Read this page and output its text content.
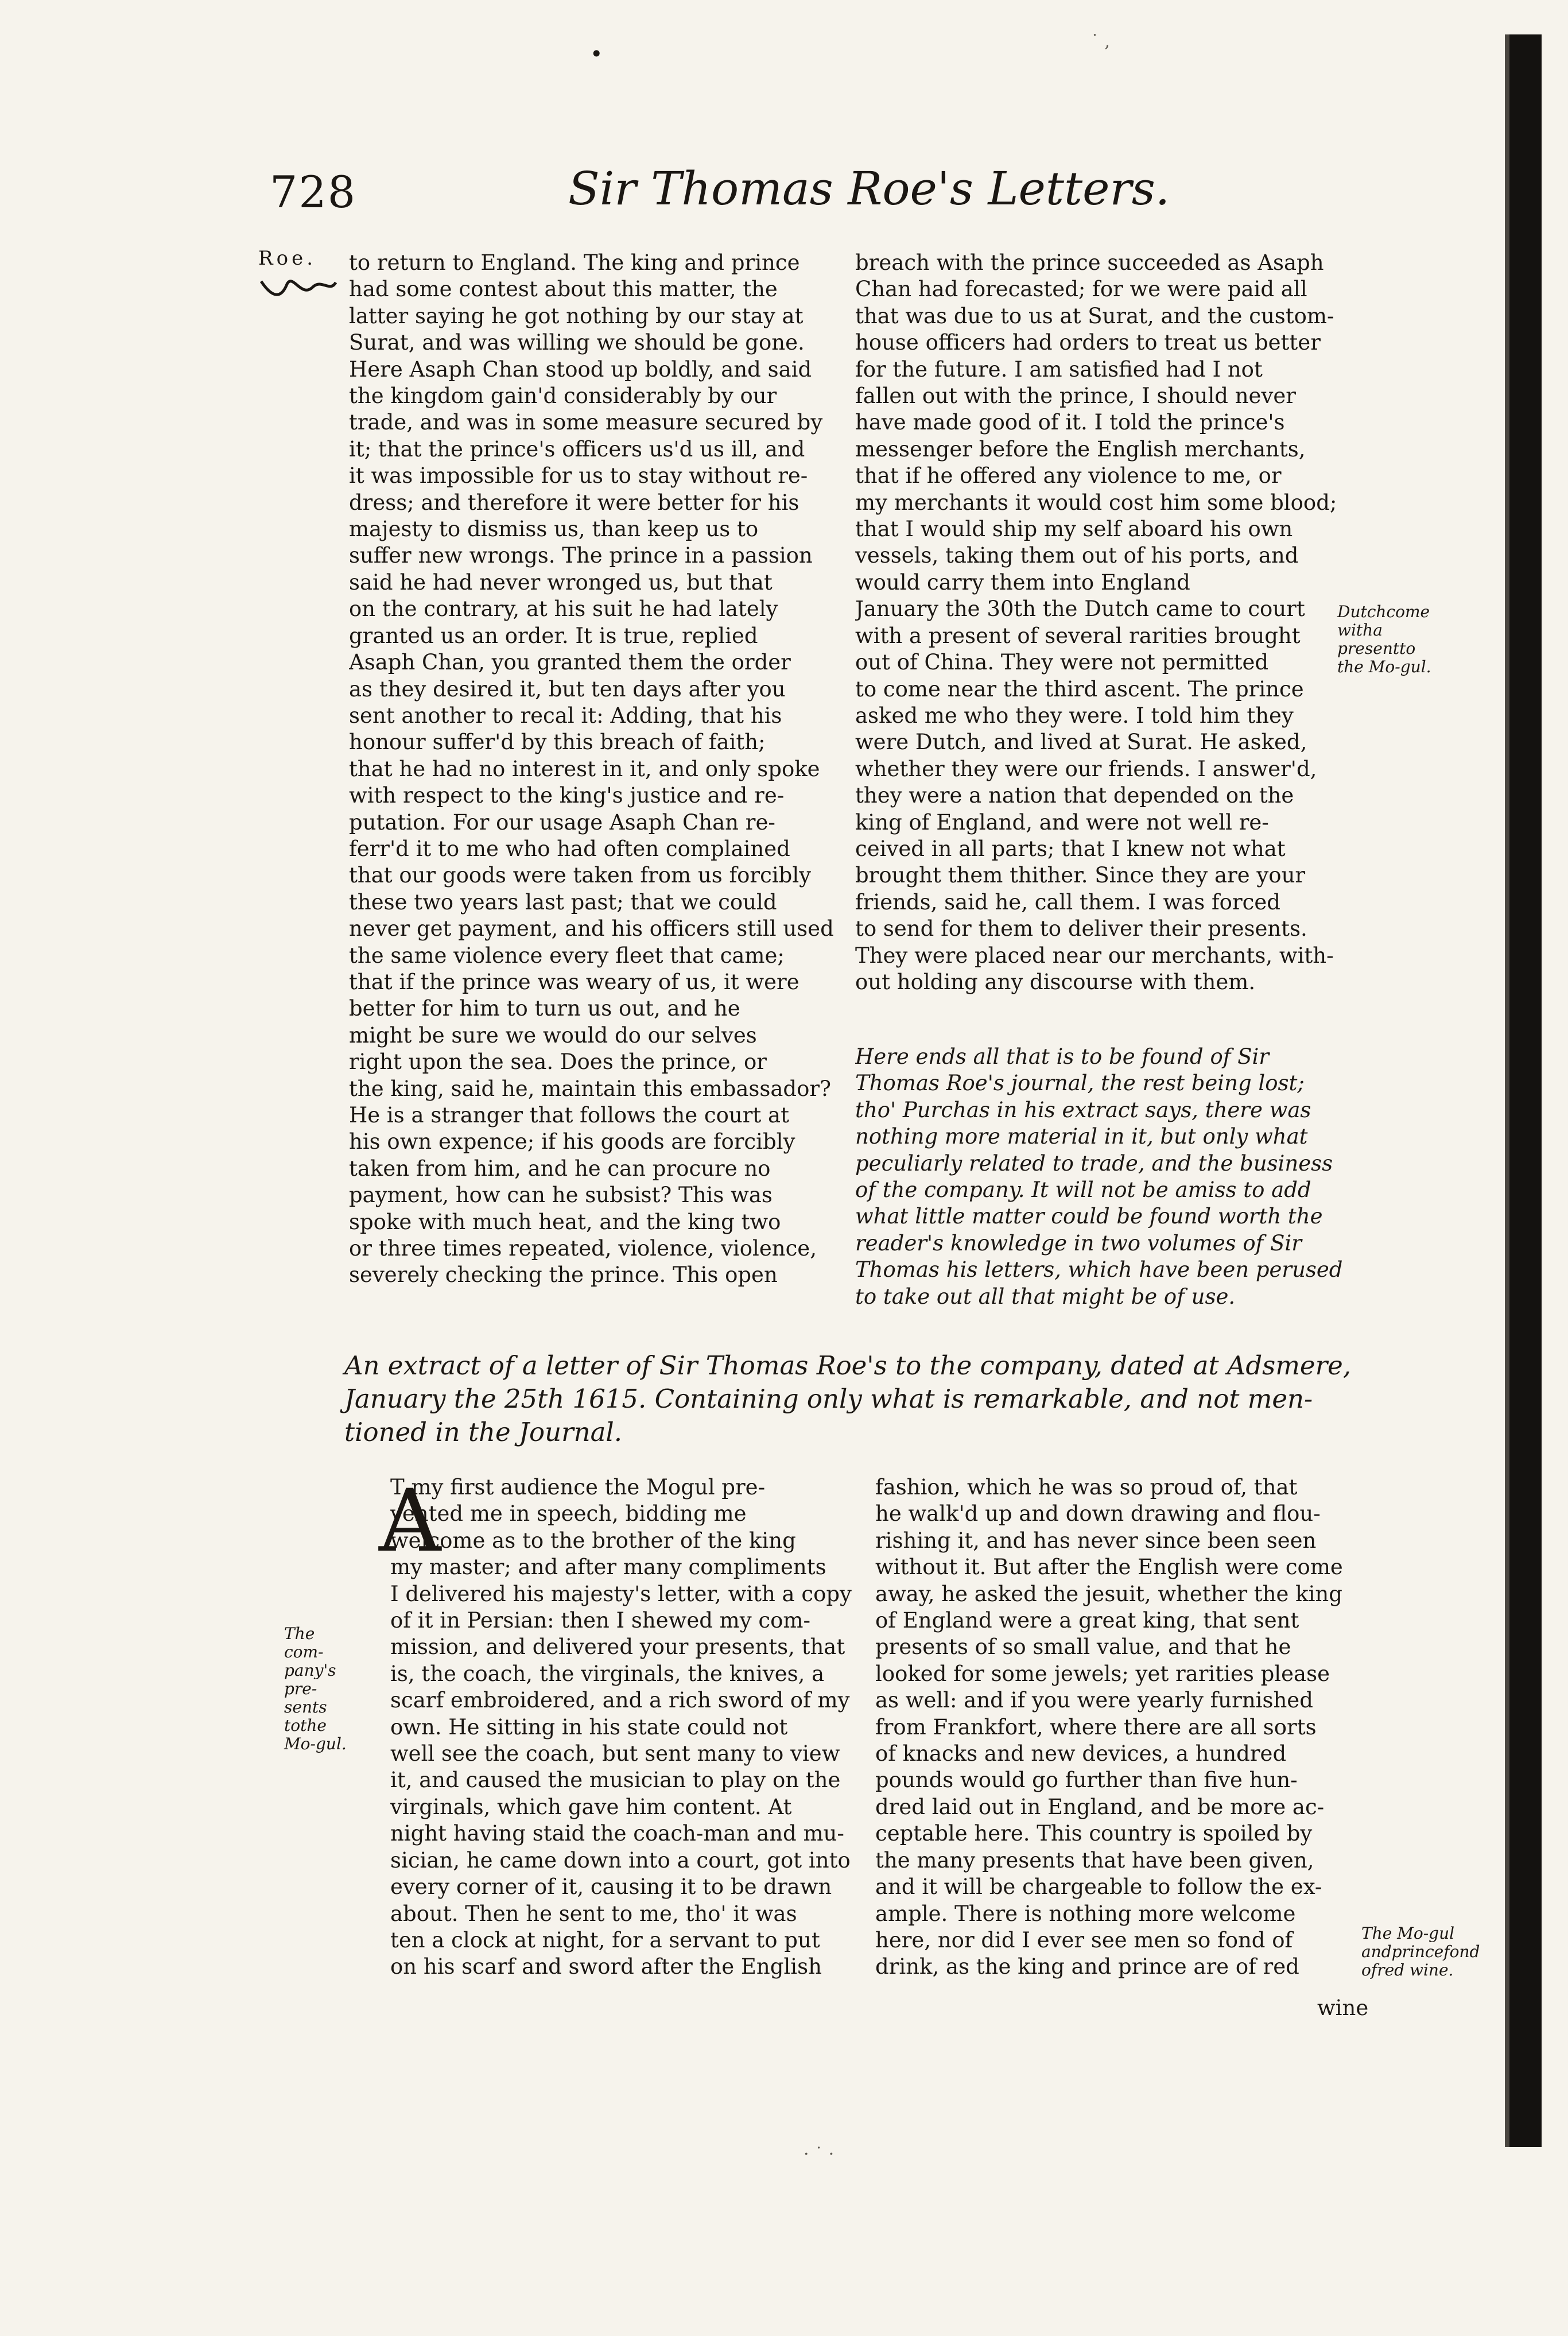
•
728	Sir Thomas Roe's Letters.
Roe. to return to England. The king and prince
had some contest about this matter, the
latter saying he got nothing by our stay at
Surat, and was willing we should be gone.
Here Asaph Chan stood up boldly, and said
the kingdom gain'd considerably by our
trade, and was in some measure secured by
it; that the prince's officers us'd us ill, and
it was impossible for us to stay without re-
dress; and therefore it were better for his
majesty to dismiss us, than keep us to
suffer new wrongs. The prince in a passion
said he had never wronged us, but that
on the contrary, at his suit he had lately
granted us an order. It is true, replied
Asaph Chan, you granted them the order
as they desired it, but ten days after you
sent another to recal it: Adding, that his
honour suffer'd by this breach of faith;
that he had no interest in it, and only spoke
with respect to the king's justice and re-
putation. For our usage Asaph Chan re-
ferr'd it to me who had often complained
that our goods were taken from us forcibly
these two years last past; that we could
never get payment, and his officers still used
the same violence every fleet that came;
that if the prince was weary of us, it were
better for him to turn us out, and he
might be sure we would do our selves
right upon the sea. Does the prince, or
the king, said he, maintain this embassador?
He is a stranger that follows the court at
his own expence; if his goods are forcibly
taken from him, and he can procure no
payment, how can he subsist? This was
spoke with much heat, and the king two
or three times repeated, violence, violence,
severely checking the prince. This open
breach with the prince succeeded as Asaph
Chan had forecasted; for we were paid all
that was due to us at Surat, and the custom-
house officers had orders to treat us better
for the future. I am satisfied had I not
fallen out with the prince, I should never
have made good of it. I told the prince's
messenger before the English merchants,
that if he offered any violence to me, or
my merchants it would cost him some blood;
that I would ship my self aboard his own
vessels, taking them out of his ports, and
would carry them into England
January the 30th the Dutch came to court
with a present of several rarities brought
out of China. They were not permitted
to come near the third ascent. The prince
asked me who they were. I told him they
were Dutch, and lived at Surat. He asked,
whether they were our friends. I answer'd,
they were a nation that depended on the
king of England, and were not well re-
ceived in all parts; that I knew not what
brought them thither. Since they are your
friends, said he, call them. I was forced
to send for them to deliver their presents.
They were placed near our merchants, with-
out holding any discourse with them.
Dutchcome witha presentto the Mo-gul.
Here ends all that is to be found of Sir
Thomas Roe's journal, the rest being lost;
tho' Purchas in his extract says, there was
nothing more material in it, but only what
peculiarly related to trade, and the business
of the company. It will not be amiss to add
what little matter could be found worth the
reader's knowledge in two volumes of Sir
Thomas his letters, which have been perused
to take out all that might be of use.
An extract of a letter of Sir Thomas Roe's to the company, dated at Adsmere,
January the 25th 1615. Containing only what is remarkable, and not men-
tioned in the Journal.
A
T my first audience the Mogul pre-
vented me in speech, bidding me
welcome as to the brother of the king
my master; and after many compliments
I delivered his majesty's letter, with a copy
of it in Persian: then I shewed my com-
mission, and delivered your presents, that
is, the coach, the virginals, the knives, a
scarf embroidered, and a rich sword of my
own. He sitting in his state could not
well see the coach, but sent many to view
it, and caused the musician to play on the
virginals, which gave him content. At
night having staid the coach-man and mu-
sician, he came down into a court, got into
every corner of it, causing it to be drawn
about. Then he sent to me, tho' it was
ten a clock at night, for a servant to put
on his scarf and sword after the English
fashion, which he was so proud of, that
he walk'd up and down drawing and flou-
rishing it, and has never since been seen
without it. But after the English were come
away, he asked the jesuit, whether the king
of England were a great king, that sent
presents of so small value, and that he
looked for some jewels; yet rarities please
as well: and if you were yearly furnished
from Frankfort, where there are all sorts
of knacks and new devices, a hundred
pounds would go further than five hun-
dred laid out in England, and be more ac-
ceptable here. This country is spoiled by
the many presents that have been given,
and it will be chargeable to follow the ex-
ample. There is nothing more welcome
here, nor did I ever see men so fond of
drink, as the king and prince are of red
The com-pany's pre-sents tothe Mo-gul.
The Mo-gul andprincefond ofred wine.
wine
· ˙ ·
˙ ,
